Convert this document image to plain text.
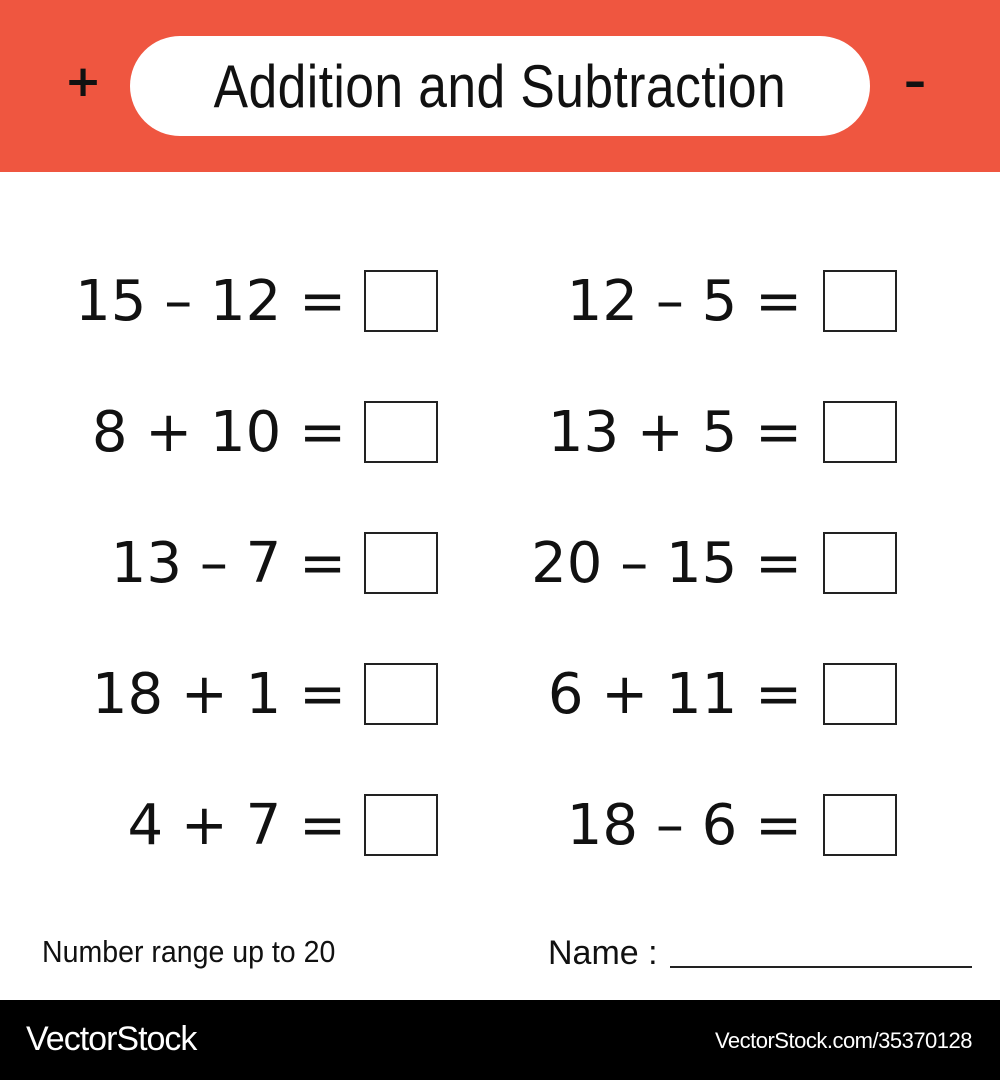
+ Addition and Subtraction	–
15 – 12 =
8 + 10 =
13 – 7 =
18 + 1 =
4 + 7 =
12 – 5 =
13 + 5 =
20 – 15 =
6 + 11 =
18 – 6 =
Number range up to 20	Name :
VectorStock	VectorStock.com/35370128
